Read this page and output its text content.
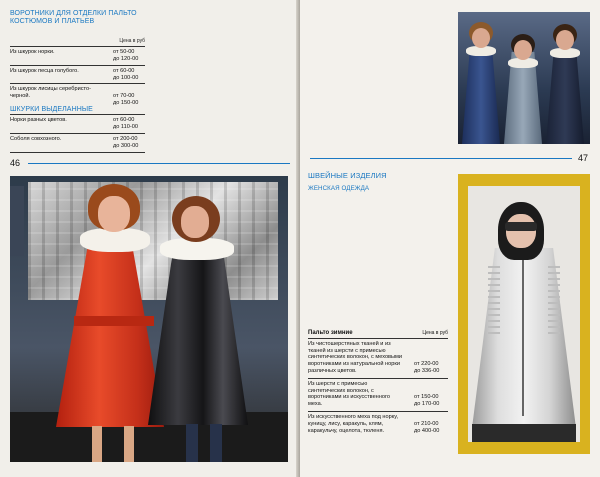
ВОРОТНИКИ ДЛЯ ОТДЕЛКИ ПАЛЬТО
КОСТЮМОВ И ПЛАТЬЕВ
Цена в руб
Из шкурок норки.	от 50-00
до 120-00
Из шкурок песца голубого.	от 60-00
до 100-00
Из шкурок лисицы серебристо-черной.	от 70-00
до 150-00
ШКУРКИ ВЫДЕЛАННЫЕ
Норки разных цветов.	от 60-00
до 110-00
Соболя совхозного.	от 200-00
до 300-00
46	47
ШВЕЙНЫЕ ИЗДЕЛИЯ
ЖЕНСКАЯ ОДЕЖДА
Пальто зимние	Цена в руб
Из чистошерстяных тканей и из тканей из шерсти с примесью синтетических волокон, с меховыми воротниками из натуральной норки различных цветов.
от 220-00
до 336-00
Из шерсти с примесью синтетических волокон, с воротниками из искусственного меха.
от 150-00
до 170-00
Из искусственного меха под норку, куницу, лису, каракуль, клям, каракульчу, оцелота, тюленя.
от 210-00
до 400-00
